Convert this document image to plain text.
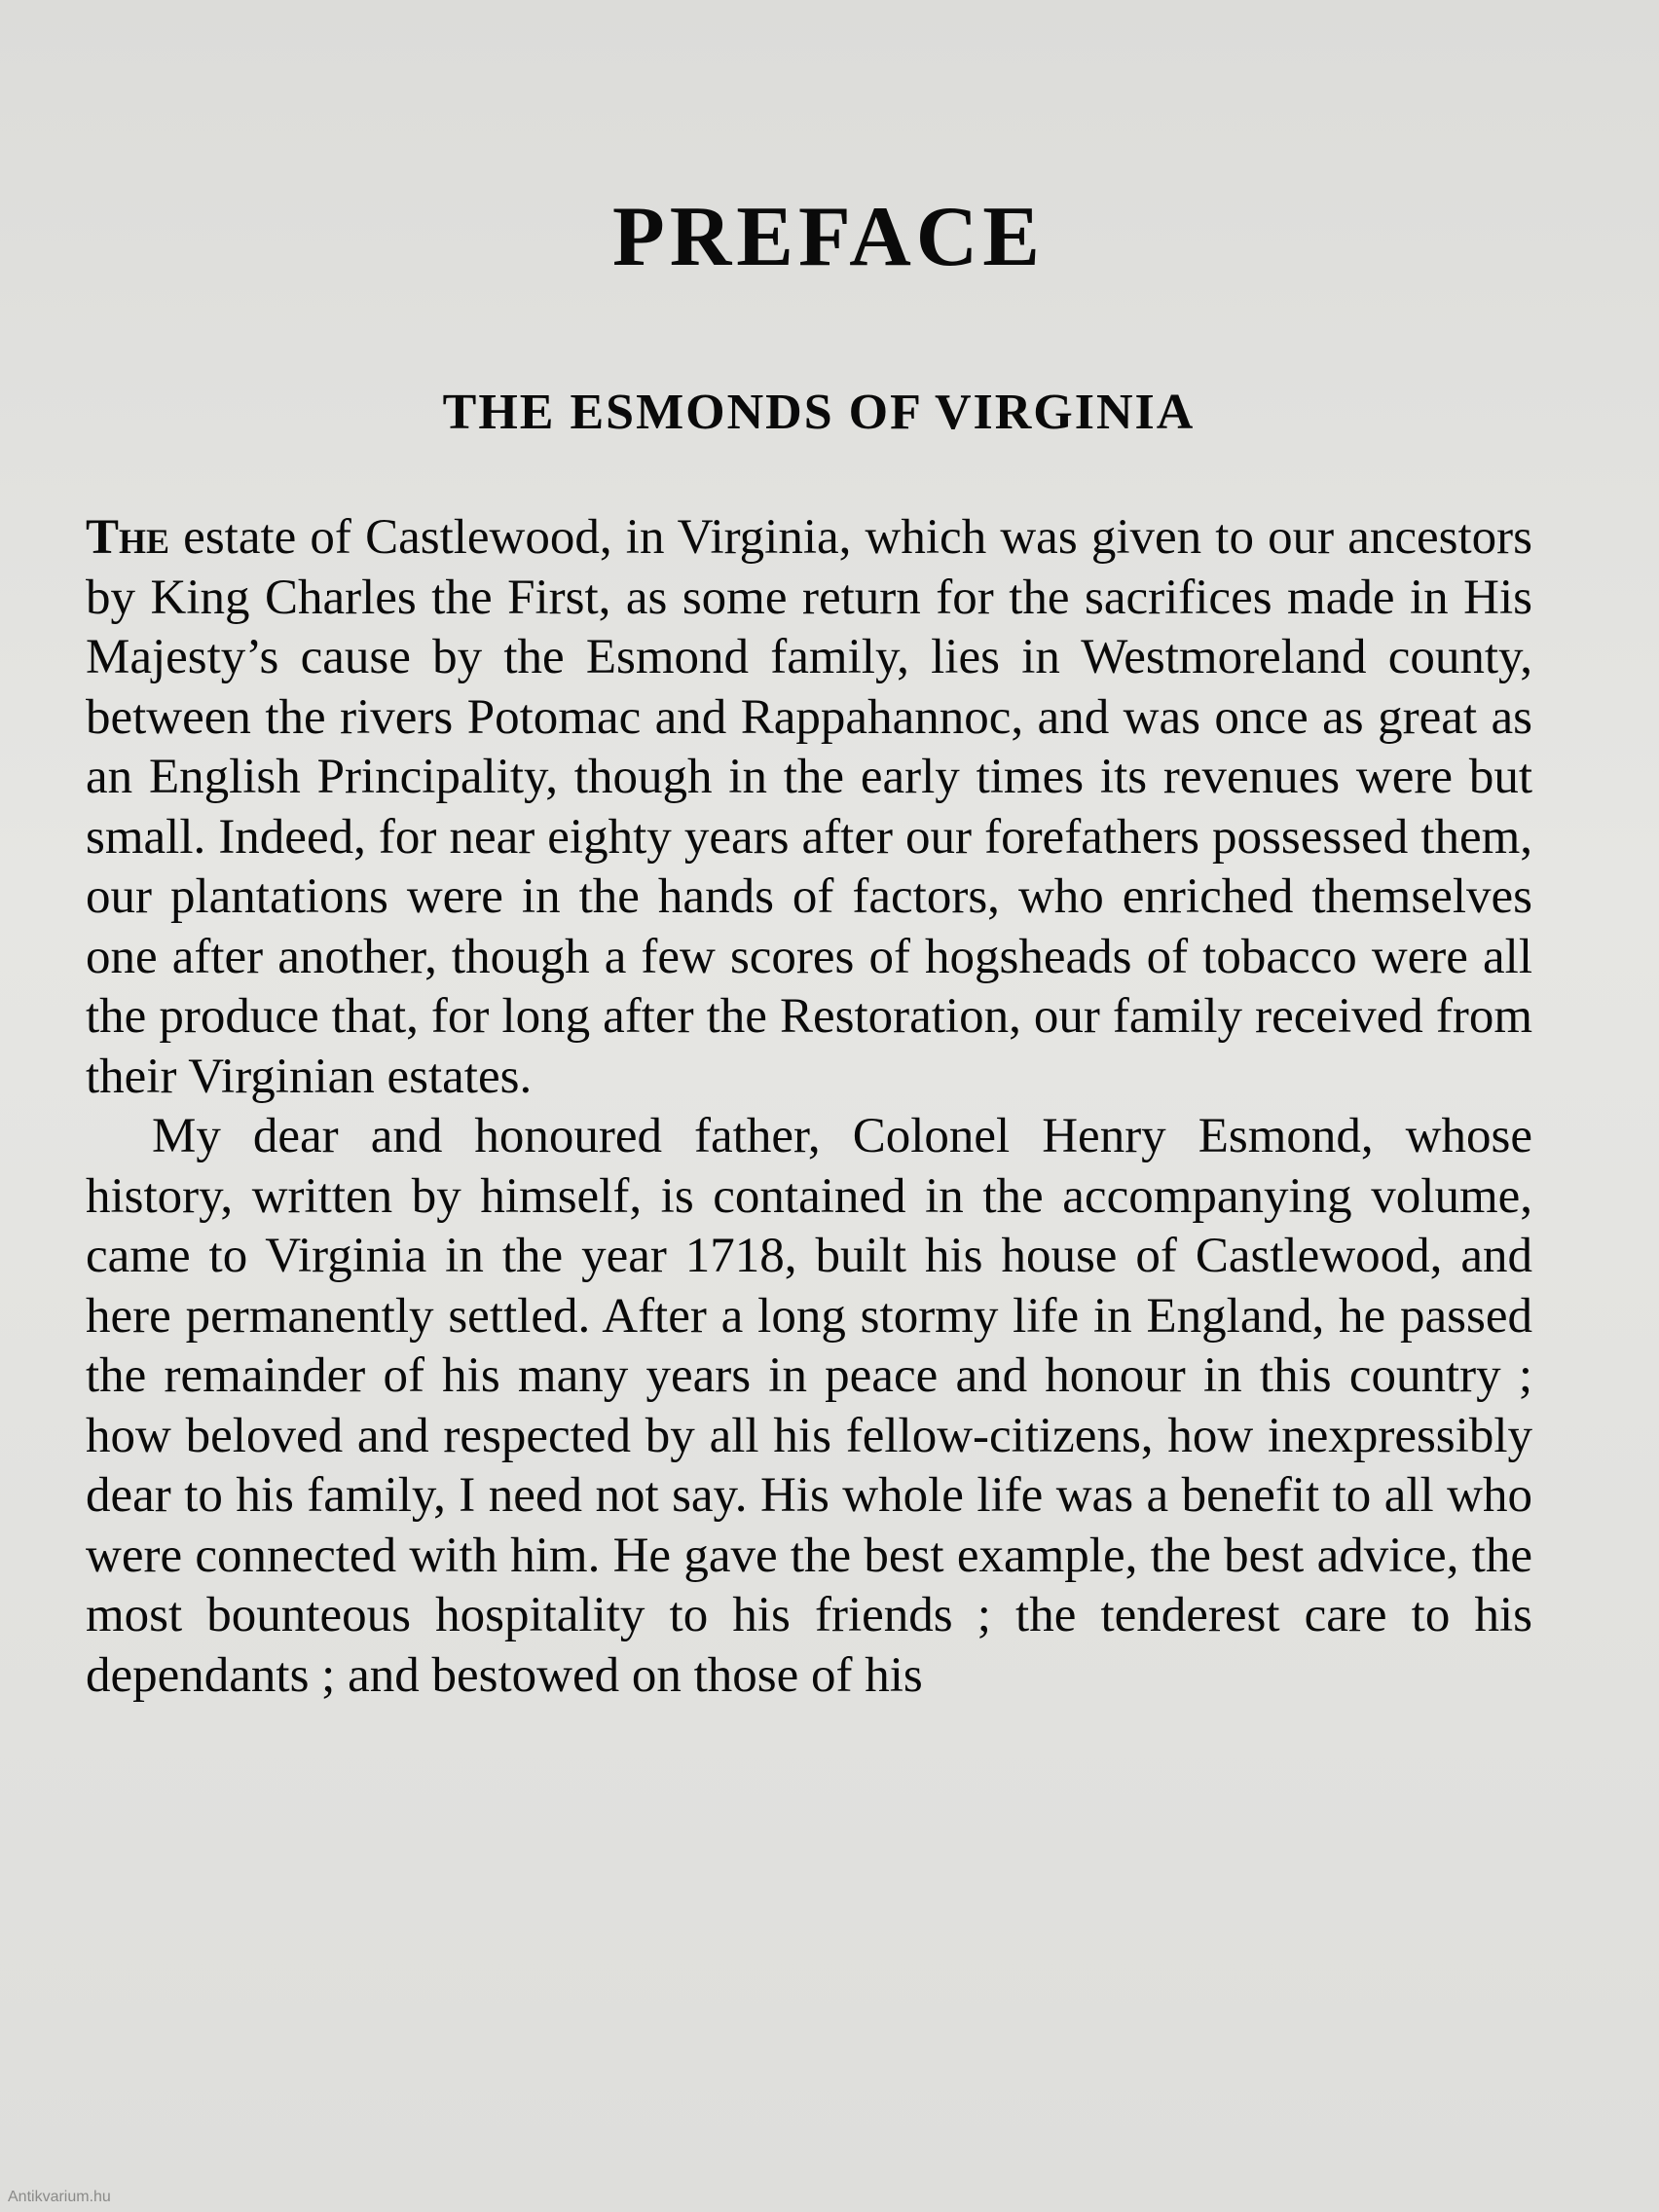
PREFACE
THE ESMONDS OF VIRGINIA

The estate of Castlewood, in Virginia, which was given to our ancestors by King Charles the First, as some return for the sacrifices made in His Majesty’s cause by the Esmond family, lies in Westmoreland county, between the rivers Potomac and Rappahannoc, and was once as great as an English Principality, though in the early times its revenues were but small. Indeed, for near eighty years after our forefathers possessed them, our plantations were in the hands of factors, who enriched themselves one after another, though a few scores of hogsheads of tobacco were all the produce that, for long after the Restoration, our family received from their Virginian estates.

My dear and honoured father, Colonel Henry Esmond, whose history, written by himself, is contained in the accompanying volume, came to Virginia in the year 1718, built his house of Castlewood, and here permanently settled. After a long stormy life in England, he passed the remainder of his many years in peace and honour in this country ; how beloved and respected by all his fellow-citizens, how inexpressibly dear to his family, I need not say. His whole life was a benefit to all who were connected with him. He gave the best example, the best advice, the most bounteous hospitality to his friends ; the tenderest care to his dependants ; and bestowed on those of his

Antikvarium.hu
